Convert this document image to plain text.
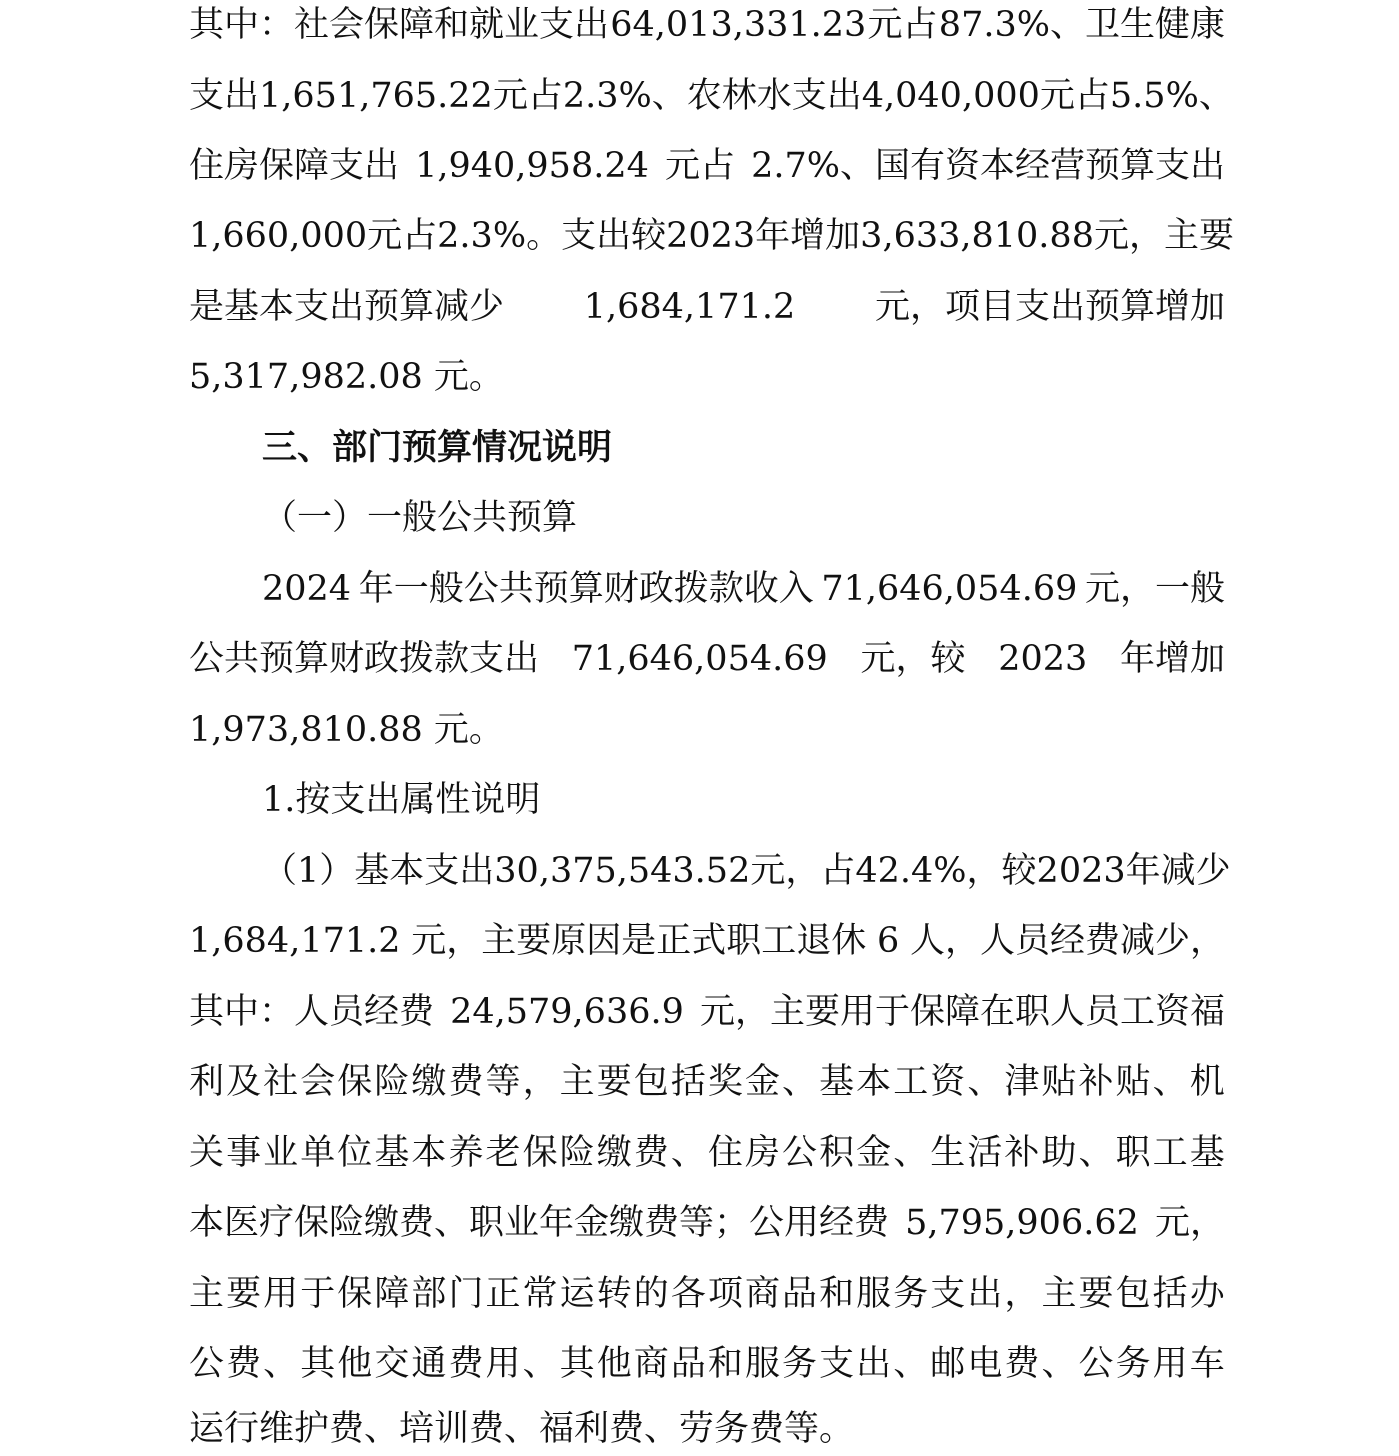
其中：社会保障和就业支出 64,013,331.23 元占 87.3%、卫生健康
支出 1,651,765.22 元占 2.3%、农林水支出 4,040,000 元占 5.5%、
住房保障支出 1,940,958.24 元占 2.7%、国有资本经营预算支出
1,660,000 元占 2.3%。支出较 2023 年增加 3,633,810.88 元，主要
是基本支出预算减少 1,684,171.2 元，项目支出预算增加
5,317,982.08 元。
三、部门预算情况说明
（一）一般公共预算
2024 年一般公共预算财政拨款收入 71,646,054.69 元，一般
公共预算财政拨款支出 71,646,054.69 元，较 2023 年增加
1,973,810.88 元。
1.按支出属性说明
（1）基本支出 30,375,543.52 元，占 42.4%，较 2023 年减少
1,684,171.2 元，主要原因是正式职工退休 6 人，人员经费减少，
其中：人员经费 24,579,636.9 元，主要用于保障在职人员工资福
利 及 社 会 保 险 缴 费 等 ， 主 要 包 括 奖 金 、 基 本 工 资 、 津 贴 补 贴 、 机
关 事 业 单 位 基 本 养 老 保 险 缴 费 、 住 房 公 积 金 、 生 活 补 助 、 职 工 基
本医疗保险缴费、职业年金缴费等；公用经费 5,795,906.62 元，
主 要 用 于 保 障 部 门 正 常 运 转 的 各 项 商 品 和 服 务 支 出 ， 主 要 包 括 办
公 费 、 其 他 交 通 费 用 、 其 他 商 品 和 服 务 支 出 、 邮 电 费 、 公 务 用 车
运行维护费、培训费、福利费、劳务费等。
